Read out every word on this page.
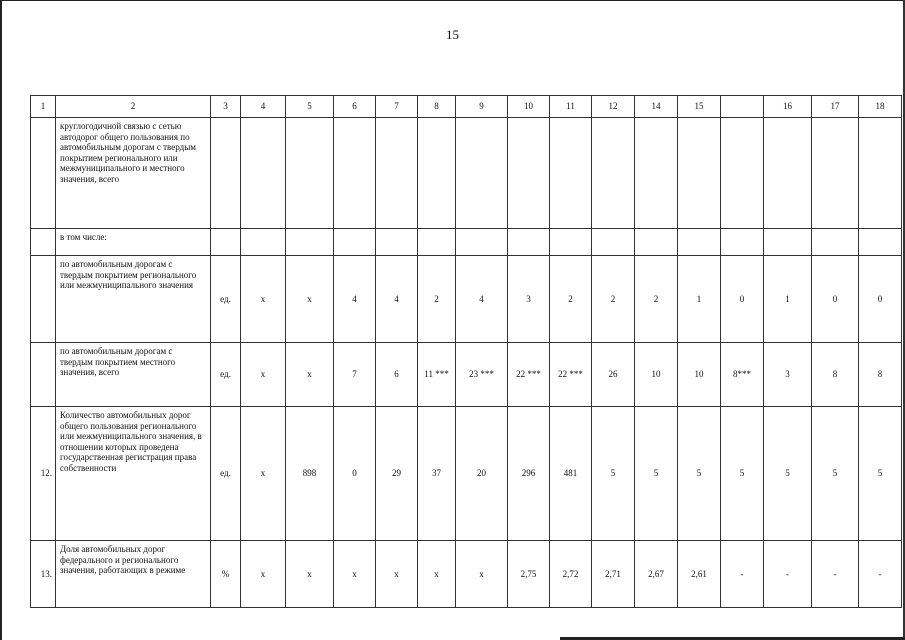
15
1	2	3	4	5	6	7	8	9	10	11	12	14	15		16	17	18
	круглогодичной связью с сетью автодорог общего пользования по автомобильным дорогам с твердым покрытием регионального или межмуниципального и местного значения, всего																
	в том числе:																
	по автомобильным дорогам с твердым покрытием регионального или межмуниципального значения	ед.	х	х	4	4	2	4	3	2	2	2	1	0	1	0	0
	по автомобильным дорогам с твердым покрытием местного значения, всего	ед.	х	х	7	6	11 ***	23 ***	22 ***	22 ***	26	10	10	8***	3	8	8
12.	Количество автомобильных дорог общего пользования регионального или межмуниципального значения, в отношении которых проведена государственная регистрация права собственности	ед.	х	898	0	29	37	20	296	481	5	5	5	5	5	5	5
13.	Доля автомобильных дорог федерального и регионального значения, работающих в режиме	%	х	х	х	х	х	х	2,75	2,72	2,71	2,67	2,61	-	-	-	-
